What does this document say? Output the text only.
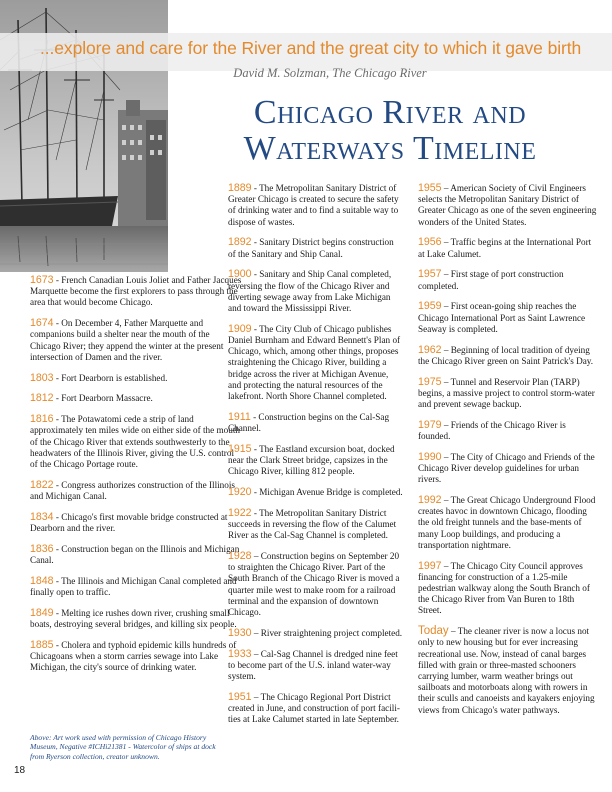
...explore and care for the River and the great city to which it gave birth
David M. Solzman, The Chicago River
Chicago River and
Waterways Timeline
1673 - French Canadian Louis Joliet and Father Jacques Marquette become the first explorers to pass through the area that would become Chicago.
1674 - On December 4, Father Marquette and companions build a shelter near the mouth of the Chicago River; they append the winter at the present intersection of Damen and the river.
1803 - Fort Dearborn is established.
1812 - Fort Dearborn Massacre.
1816 - The Potawatomi cede a strip of land approximately ten miles wide on either side of the mouth of the Chicago River that extends southwesterly to the headwaters of the Illinois River, giving the U.S. control of the Chicago Portage route.
1822 - Congress authorizes construction of the Illinois and Michigan Canal.
1834 - Chicago's first movable bridge constructed at Dearborn and the river.
1836 - Construction began on the Illinois and Michigan Canal.
1848 - The Illinois and Michigan Canal completed and finally open to traffic.
1849 - Melting ice rushes down river, crushing small boats, destroying several bridges, and killing six people.
1885 - Cholera and typhoid epidemic kills hundreds of Chicagoans when a storm carries sewage into Lake Michigan, the city's source of drinking water.
1889 - The Metropolitan Sanitary District of Greater Chicago is created to secure the safety of drinking water and to find a suitable way to dispose of wastes.
1892 - Sanitary District begins construction of the Sanitary and Ship Canal.
1900 - Sanitary and Ship Canal completed, reversing the flow of the Chicago River and diverting sewage away from Lake Michigan and toward the Mississippi River.
1909 - The City Club of Chicago publishes Daniel Burnham and Edward Bennett's Plan of Chicago, which, among other things, proposes straightening the Chicago River, building a bridge across the river at Michigan Avenue, and protecting the natural resources of the lakefront. North Shore Channel completed.
1911 - Construction begins on the Cal-Sag Channel.
1915 - The Eastland excursion boat, docked near the Clark Street bridge, capsizes in the Chicago River, killing 812 people.
1920 - Michigan Avenue Bridge is completed.
1922 - The Metropolitan Sanitary District succeeds in reversing the flow of the Calumet River as the Cal-Sag Channel is completed.
1928 – Construction begins on September 20 to straighten the Chicago River. Part of the South Branch of the Chicago River is moved a quarter mile west to make room for a railroad terminal and the expansion of downtown Chicago.
1930 – River straightening project completed.
1933 – Cal-Sag Channel is dredged nine feet to become part of the U.S. inland water-way system.
1951 – The Chicago Regional Port District created in June, and construction of port facili-ties at Lake Calumet started in late September.
1955 – American Society of Civil Engineers selects the Metropolitan Sanitary District of Greater Chicago as one of the seven engineering wonders of the United States.
1956 – Traffic begins at the International Port at Lake Calumet.
1957 – First stage of port construction completed.
1959 – First ocean-going ship reaches the Chicago International Port as Saint Lawrence Seaway is completed.
1962 – Beginning of local tradition of dyeing the Chicago River green on Saint Patrick's Day.
1975 – Tunnel and Reservoir Plan (TARP) begins, a massive project to control storm-water and prevent sewage backup.
1979 – Friends of the Chicago River is founded.
1990 – The City of Chicago and Friends of the Chicago River develop guidelines for urban rivers.
1992 – The Great Chicago Underground Flood creates havoc in downtown Chicago, flooding the old freight tunnels and the base-ments of many Loop buildings, and producing a transportation nightmare.
1997 – The Chicago City Council approves financing for construction of a 1.25-mile pedestrian walkway along the South Branch of the Chicago River from Van Buren to 18th Street.
Today – The cleaner river is now a locus not only to new housing but for ever increasing recreational use. Now, instead of canal barges filled with grain or three-masted schooners carrying lumber, warm weather brings out sailboats and motorboats along with rowers in their sculls and canoeists and kayakers enjoying views from Chicago's water pathways.
Above: Art work used with permission of Chicago History Museum, Negative #ICHi21381 - Watercolor of ships at dock from Ryerson collection, creator unknown.
18
